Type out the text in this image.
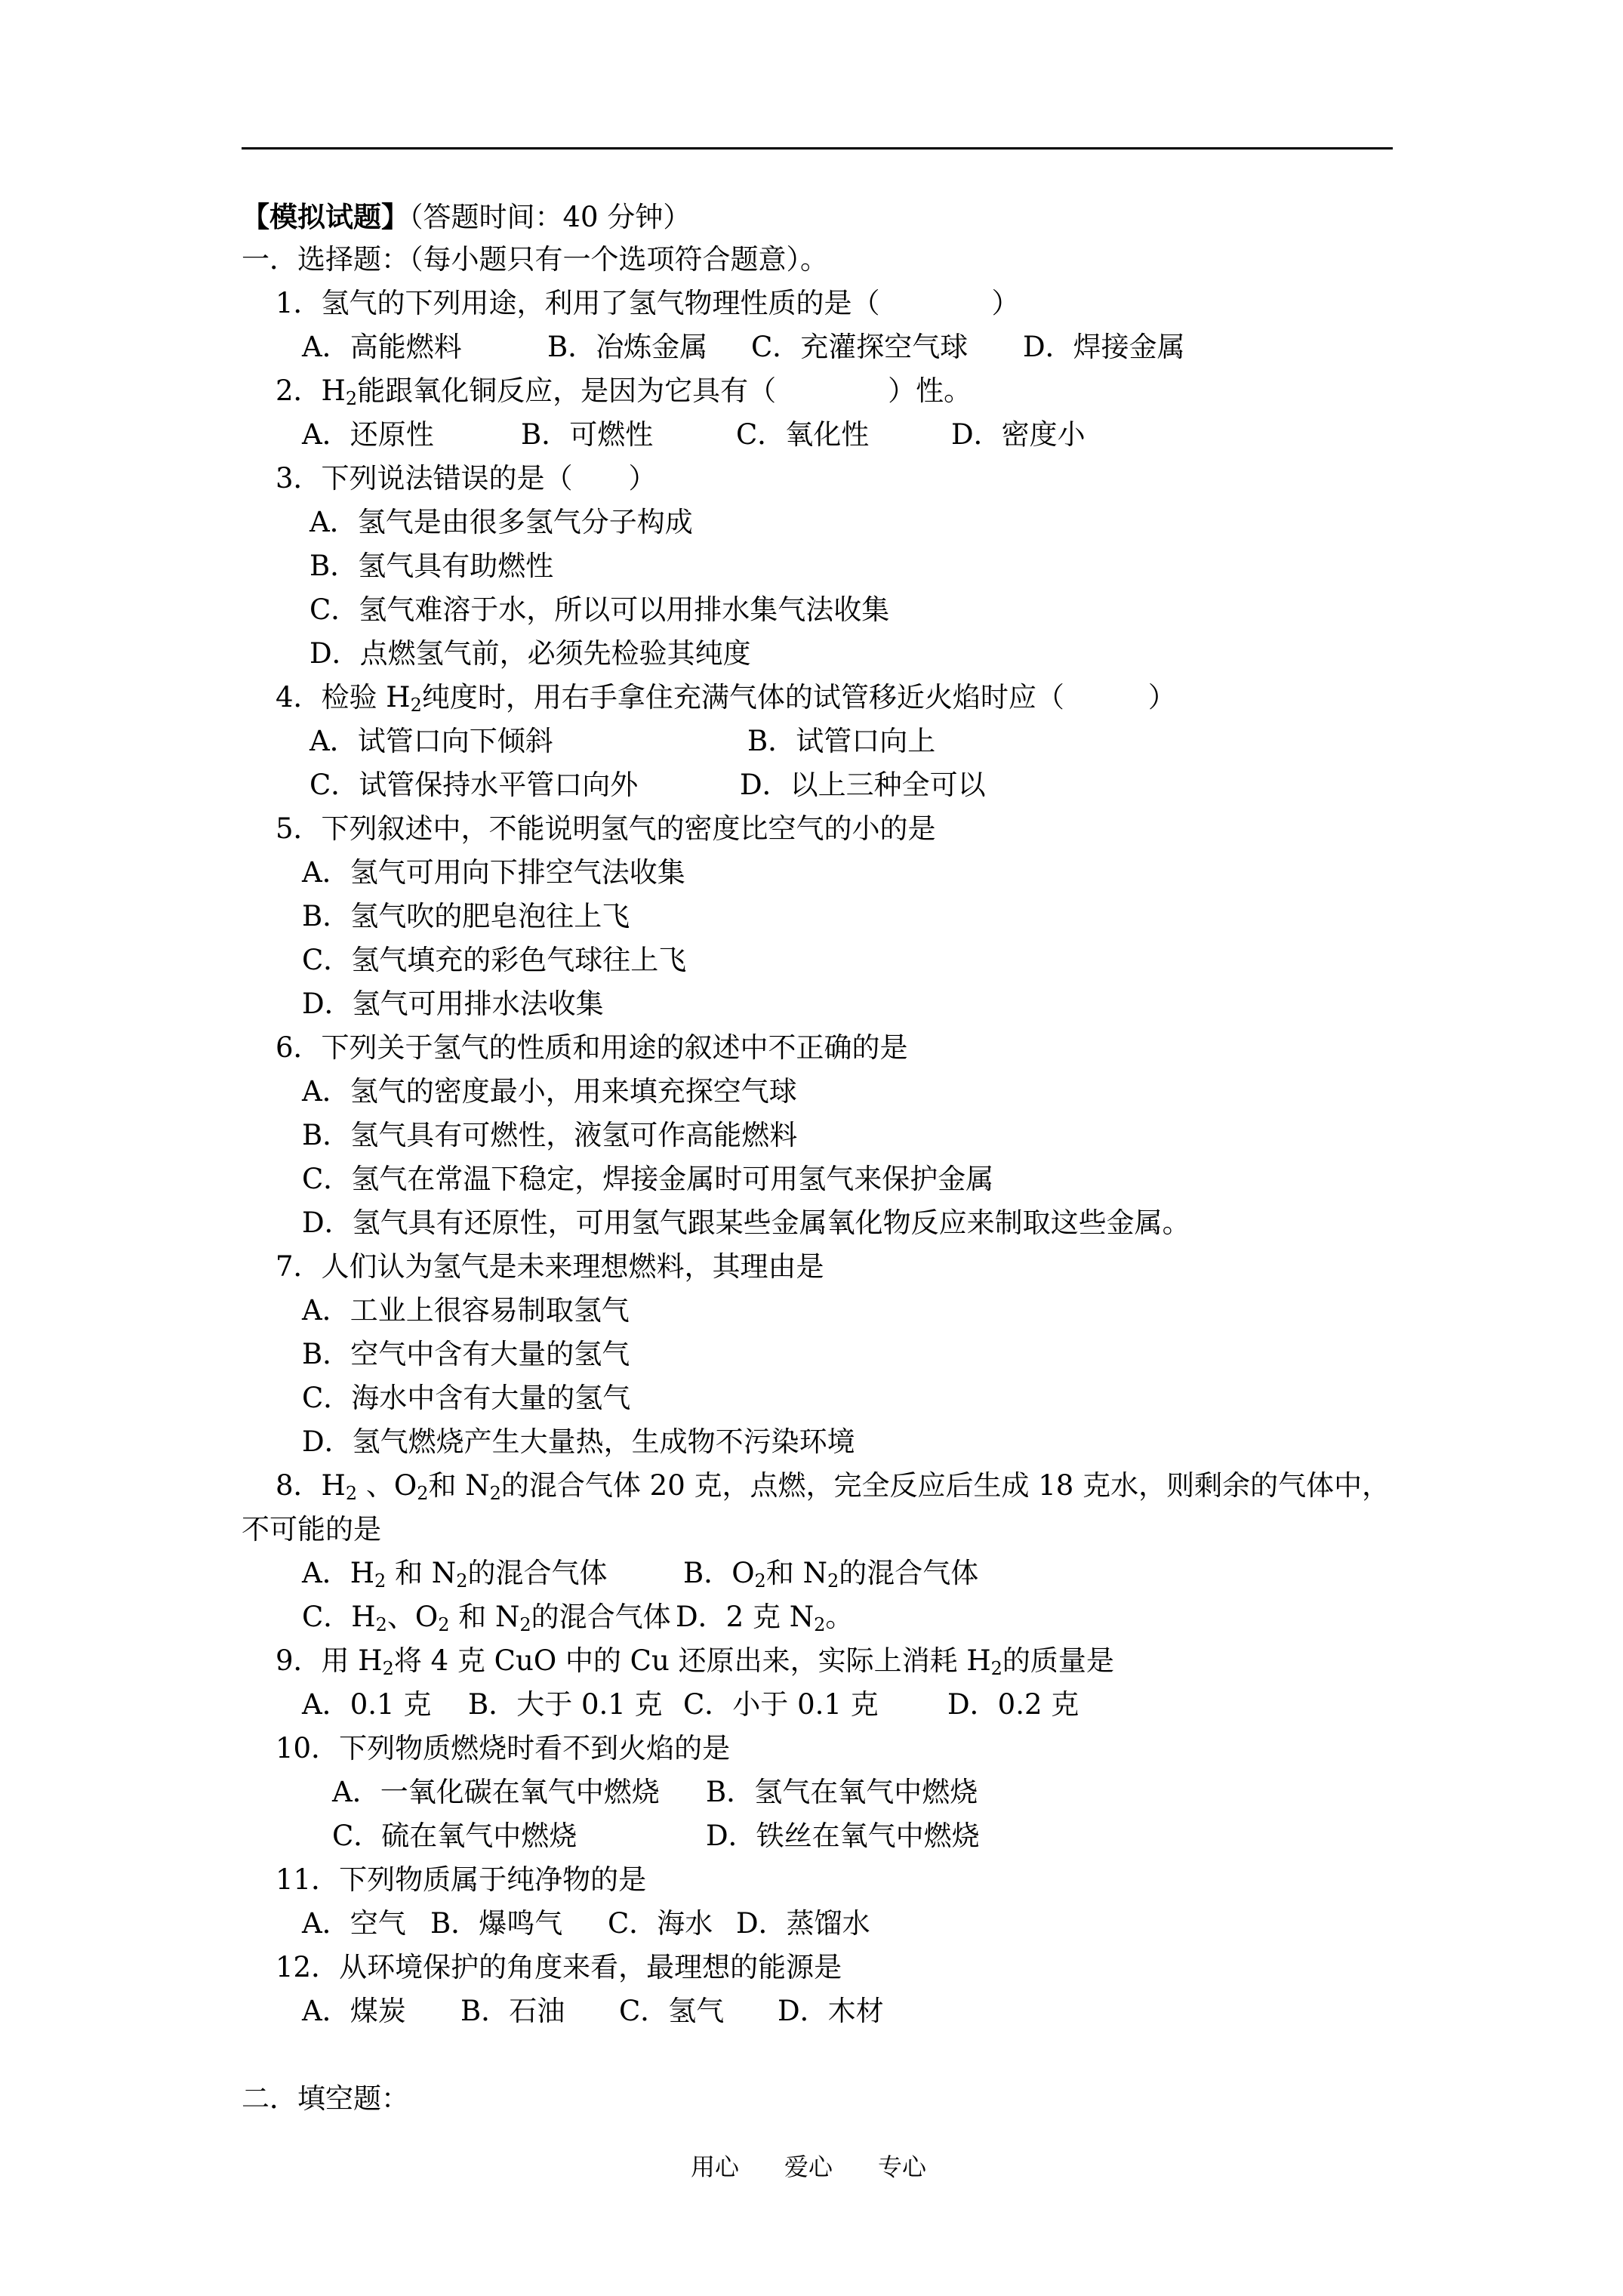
【模拟试题】（答题时间：40 分钟）
一．选择题：（每小题只有一个选项符合题意）。
1．氢气的下列用途，利用了氢气物理性质的是（　　　　）
A．高能燃料	B．冶炼金属 C．充灌探空气球 D．焊接金属
2．$H_2$能跟氧化铜反应，是因为它具有（　　　　）性。
A．还原性	B．可燃性	C．氧化性	D．密度小
3．下列说法错误的是（　　）
A．氢气是由很多氢气分子构成
B．氢气具有助燃性
C．氢气难溶于水，所以可以用排水集气法收集
D．点燃氢气前，必须先检验其纯度
4．检验 $H_2$纯度时，用右手拿住充满气体的试管移近火焰时应（　　　）
A．试管口向下倾斜	B．试管口向上
C．试管保持水平管口向外	D．以上三种全可以
5．下列叙述中，不能说明氢气的密度比空气的小的是
A．氢气可用向下排空气法收集
B．氢气吹的肥皂泡往上飞
C．氢气填充的彩色气球往上飞
D．氢气可用排水法收集
6．下列关于氢气的性质和用途的叙述中不正确的是
A．氢气的密度最小，用来填充探空气球
B．氢气具有可燃性，液氢可作高能燃料
C．氢气在常温下稳定，焊接金属时可用氢气来保护金属
D．氢气具有还原性，可用氢气跟某些金属氧化物反应来制取这些金属。
7．人们认为氢气是未来理想燃料，其理由是
A．工业上很容易制取氢气
B．空气中含有大量的氢气
C．海水中含有大量的氢气
D．氢气燃烧产生大量热，生成物不污染环境
8．$H_2$ 、$O_2$和 $N_2$的混合气体 20 克，点燃，完全反应后生成 18 克水，则剩余的气体中，
不可能的是
A．$H_2$ 和 $N_2$的混合气体	B．$O_2$和 $N_2$的混合气体
C．$H_2$、$O_2$ 和 $N_2$的混合气体 D．2 克 $N_2$。
9．用 $H_2$将 4 克 CuO 中的 Cu 还原出来，实际上消耗 $H_2$的质量是
A．0.1 克 B．大于 0.1 克 C．小于 0.1 克 D．0.2 克
10．下列物质燃烧时看不到火焰的是
A．一氧化碳在氧气中燃烧 B．氢气在氧气中燃烧
C．硫在氧气中燃烧	D．铁丝在氧气中燃烧
11．下列物质属于纯净物的是
A．空气 B．爆鸣气 C．海水 D．蒸馏水
12．从环境保护的角度来看，最理想的能源是
A．煤炭 B．石油 C．氢气 D．木材
二．填空题：
用心 爱心 专心
